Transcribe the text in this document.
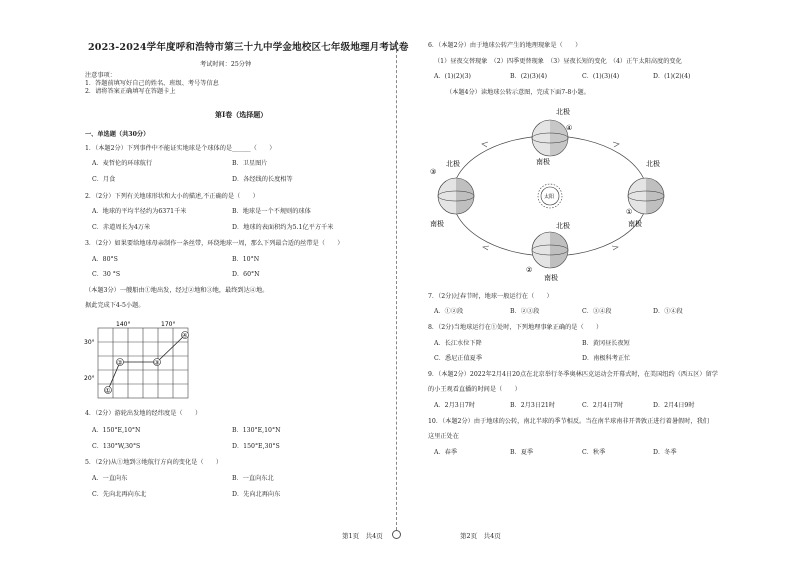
2023-2024学年度呼和浩特市第三十九中学金地校区七年级地理月考试卷
考试时间：25分钟
注意事项：
1．答题前填写好自己的姓名、班级、考号等信息
2．请将答案正确填写在答题卡上
第I卷（选择题）
一、单选题（共30分）
1．（本题2分）下列事件中不能证实地球是个球体的是______（　　）
A．麦哲伦的环球航行	B．卫星图片
C．月食	D．各经线的长度相等
2．（2分）下列有关地球形状和大小的描述,不正确的是（　　）
A．地球的平均半径约为6371千米	B．地球是一个不规则的球体
C．赤道周长为4万米	D．地球的表面积约为5.1亿平方千米
3．（2分）如果要给地球母亲制作一条丝带，环绕地球一周，那么下列最合适的丝带是（　　）
A．80°S	B．10°N
C．30 °S	D．60°N
（本题3分）一艘船由①地出发，经过②地和③地，最终到达④地。
据此完成下4-5小题。
140°	170°
30°
20°
①
②	③
④
4．（2分）游轮出发地的经纬度是（　　）
A．150°E,10°N	B．130°E,10°N
C．130°W,30°S	D．150°E,30°S
5．（2分)从①地到③地航行方向的变化是（　　）
A．一直向东	B．一直向东北
C．先向北再向东北	D．先向北再向东
第1页　共4页
6．（本题2分）由于地球公转产生的地理现象是（　　）
（1）昼夜交替现象　（2）四季更替现象　（3）昼夜长短的变化　（4）正午太阳高度的变化
A．(1)(2)(3)	B．(2)(3)(4)	C．(1)(3)(4)	D．(1)(2)(4)
（本题4分）读地球公转示意图，完成下面7-8小题。
太阳
北极
南极
④
北极
南极
③
北极
南极
①
北极
南极
②
7．（2分)过春节时，地球一般运行在（　　）
A．①②段	B．②③段	C．③④段	D．①④段
8．（2分)当地球运行在①处时，下列地理事象正确的是（　　）
A．长江水位下降	B．黄冈昼长夜短
C．悉尼正值夏季	D．南极科考正忙
9．（本题2分）2022年2月4日20点在北京举行冬季奥林匹克运动会开幕式时，在美国纽约（西五区）留学
的小王观看直播的时间是（　　）
A．2月3日7时	B．2月3日21时	C．2月4日7时	D．2月4日9时
10．（本题2分）由于地球的公转，南北半球的季节相反。当在南半球南非开普敦正进行着暑假时，我们
这里正处在
A．春季	B．夏季	C．秋季	D．冬季
第2页　共4页
